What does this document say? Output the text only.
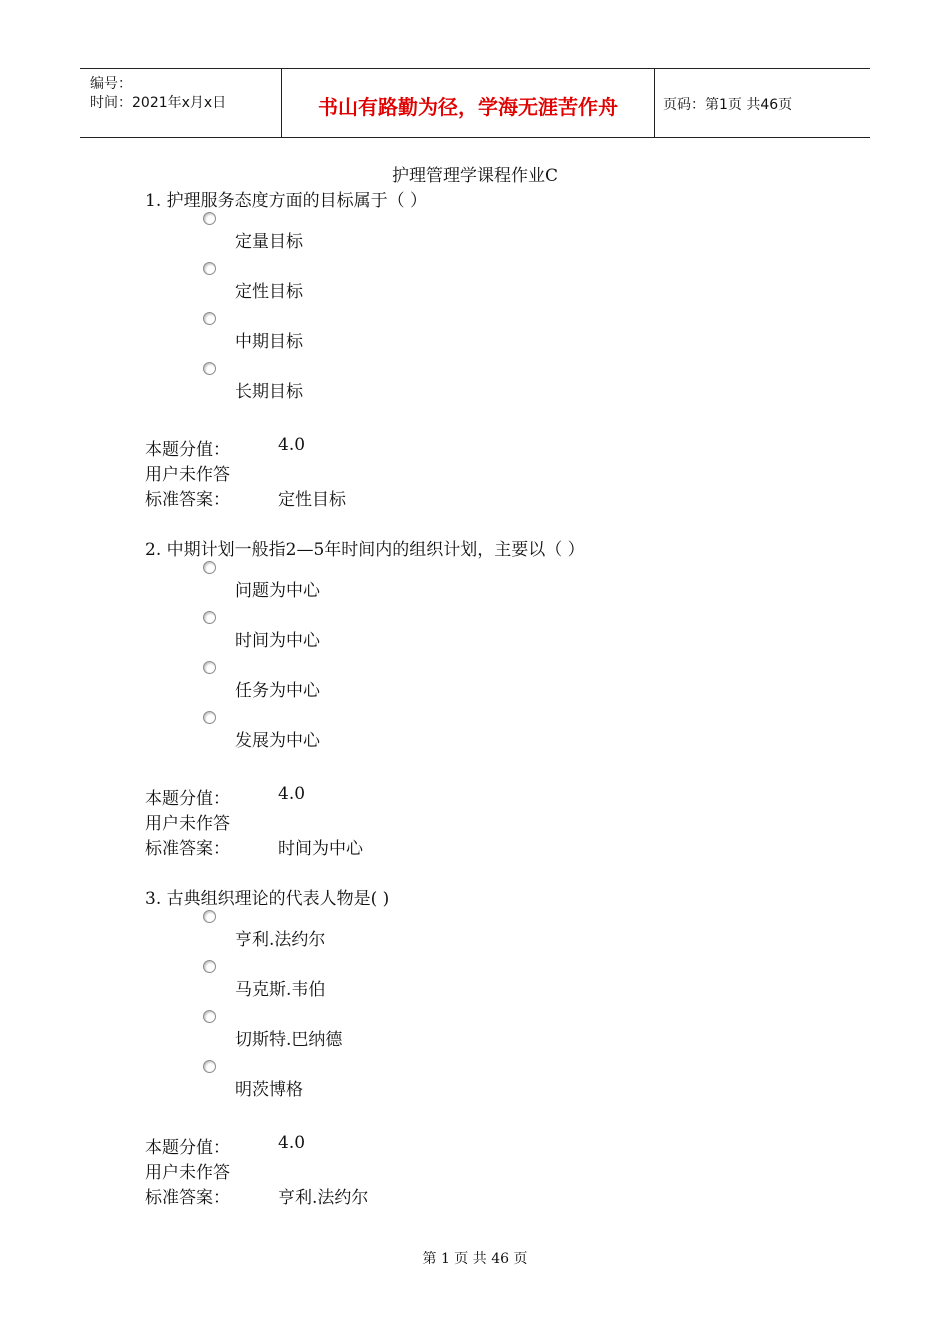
编号：
时间：2021年x月x日	书山有路勤为径，学海无涯苦作舟	页码：第1页 共46页
护理管理学课程作业C
1. 护理服务态度方面的目标属于（ ）
定量目标
定性目标
中期目标
长期目标
本题分值：	4.0
用户未作答
标准答案：	定性目标
2. 中期计划一般指2—5年时间内的组织计划，主要以（ ）
问题为中心
时间为中心
任务为中心
发展为中心
本题分值：	4.0
用户未作答
标准答案：	时间为中心
3. 古典组织理论的代表人物是( )
亨利.法约尔
马克斯.韦伯
切斯特.巴纳德
明茨博格
本题分值：	4.0
用户未作答
标准答案：	亨利.法约尔
第 1 页 共 46 页
